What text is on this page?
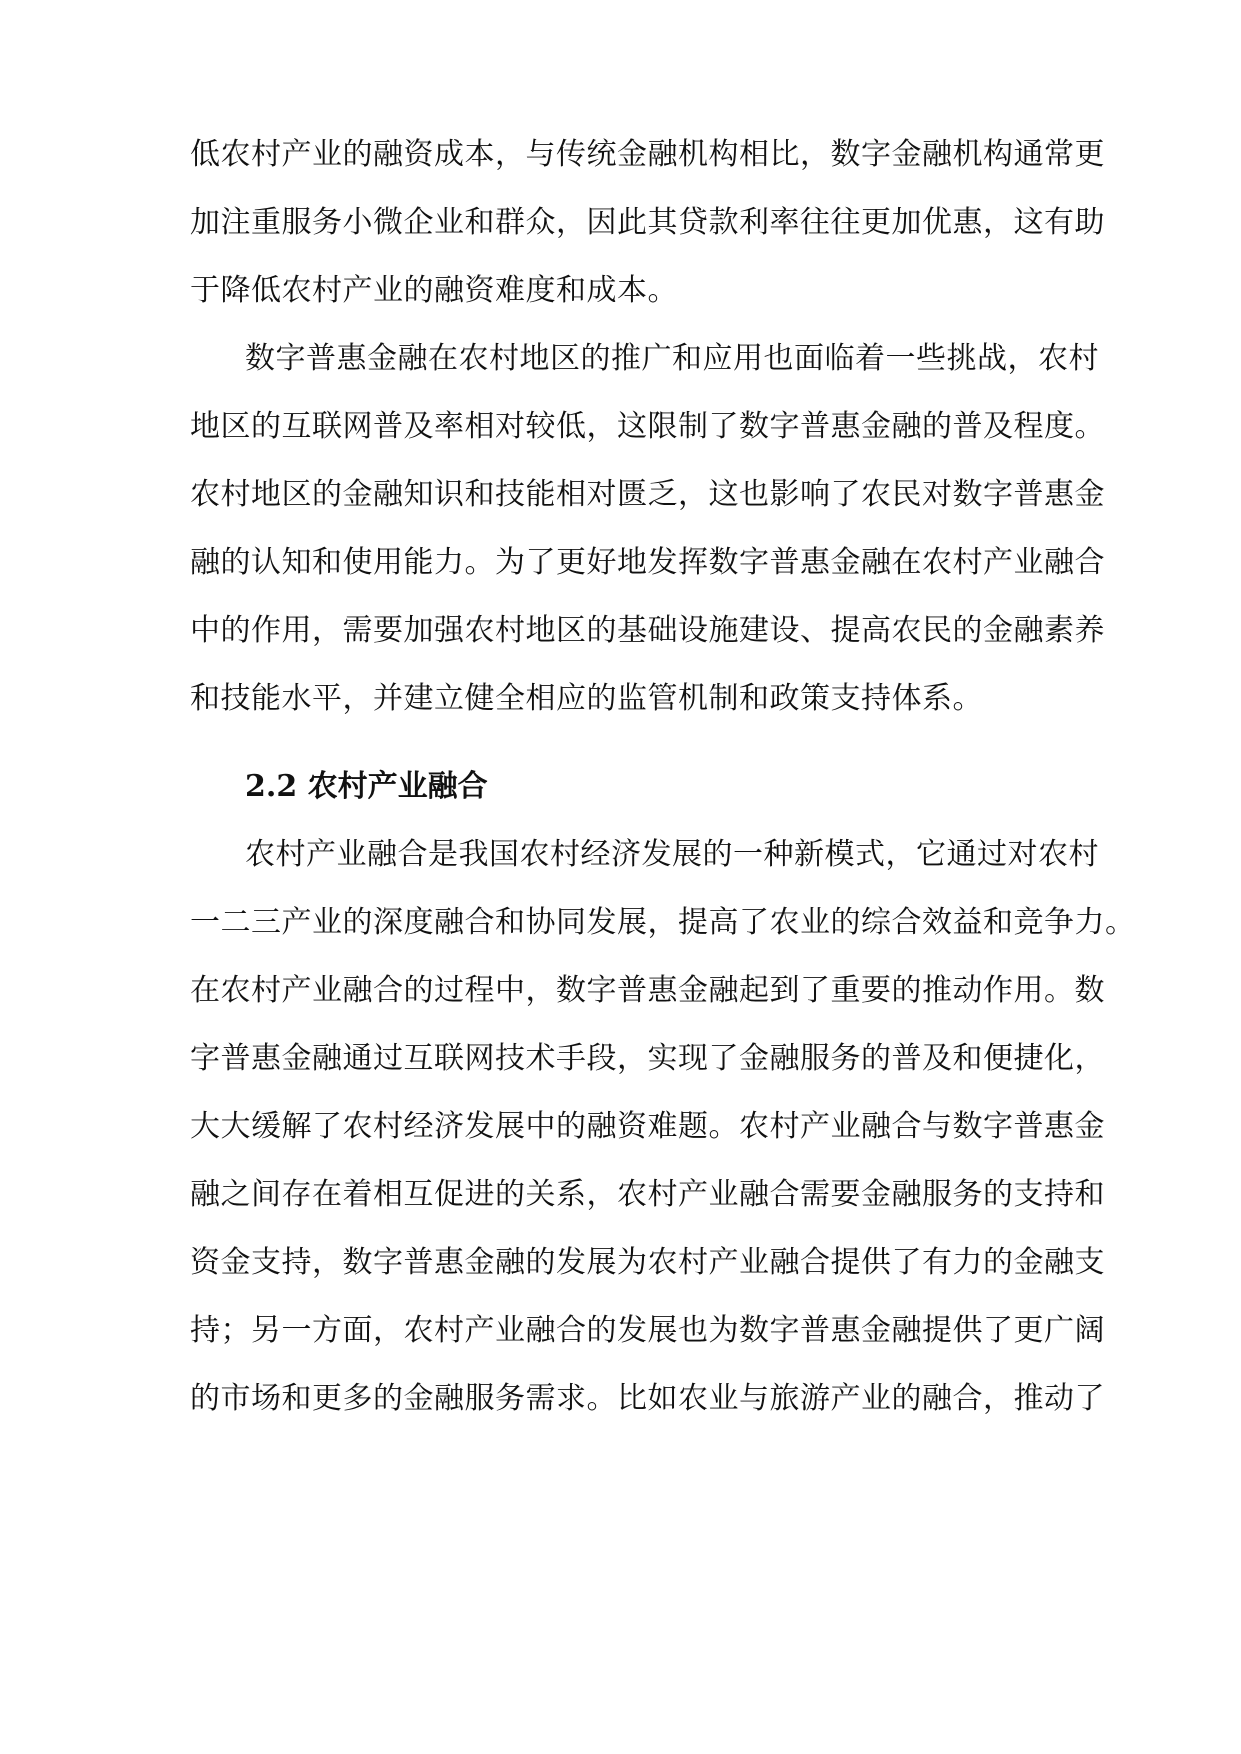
低农村产业的融资成本，与传统金融机构相比，数字金融机构通常更
加注重服务小微企业和群众，因此其贷款利率往往更加优惠，这有助
于降低农村产业的融资难度和成本。
数字普惠金融在农村地区的推广和应用也面临着一些挑战，农村
地区的互联网普及率相对较低，这限制了数字普惠金融的普及程度。
农村地区的金融知识和技能相对匮乏，这也影响了农民对数字普惠金
融的认知和使用能力。为了更好地发挥数字普惠金融在农村产业融合
中的作用，需要加强农村地区的基础设施建设、提高农民的金融素养
和技能水平，并建立健全相应的监管机制和政策支持体系。
2.2 农村产业融合
农村产业融合是我国农村经济发展的一种新模式，它通过对农村
一二三产业的深度融合和协同发展，提高了农业的综合效益和竞争力。
在农村产业融合的过程中，数字普惠金融起到了重要的推动作用。数
字普惠金融通过互联网技术手段，实现了金融服务的普及和便捷化，
大大缓解了农村经济发展中的融资难题。农村产业融合与数字普惠金
融之间存在着相互促进的关系，农村产业融合需要金融服务的支持和
资金支持，数字普惠金融的发展为农村产业融合提供了有力的金融支
持；另一方面，农村产业融合的发展也为数字普惠金融提供了更广阔
的市场和更多的金融服务需求。比如农业与旅游产业的融合，推动了
